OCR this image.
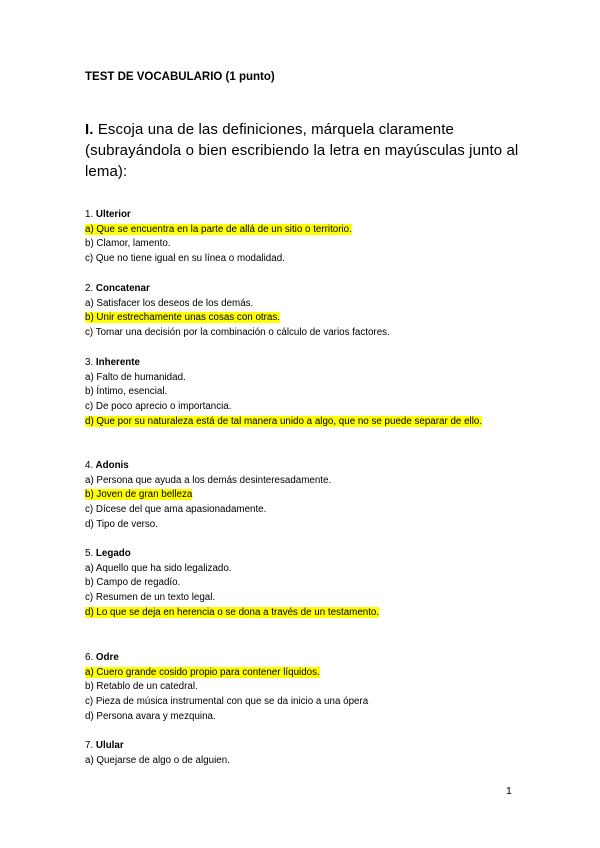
TEST DE VOCABULARIO (1 punto)
I. Escoja una de las definiciones, márquela claramente (subrayándola o bien escribiendo la letra en mayúsculas junto al lema):
1. Ulterior
a) Que se encuentra en la parte de allá de un sitio o territorio.
b) Clamor, lamento.
c) Que no tiene igual en su línea o modalidad.
2. Concatenar
a) Satisfacer los deseos de los demás.
b) Unir estrechamente unas cosas con otras.
c) Tomar una decisión por la combinación o cálculo de varios factores.
3. Inherente
a) Falto de humanidad.
b) Íntimo, esencial.
c) De poco aprecio o importancia.
d) Que por su naturaleza está de tal manera unido a algo, que no se puede separar de ello.
4. Adonis
a) Persona que ayuda a los demás desinteresadamente.
b) Joven de gran belleza
c) Dícese del que ama apasionadamente.
d) Tipo de verso.
5. Legado
a) Aquello que ha sido legalizado.
b) Campo de regadío.
c) Resumen de un texto legal.
d) Lo que se deja en herencia o se dona a través de un testamento.
6. Odre
a) Cuero grande cosido propio para contener líquidos.
b) Retablo de un catedral.
c) Pieza de música instrumental con que se da inicio a una ópera
d) Persona avara y mezquina.
7. Ulular
a) Quejarse de algo o de alguien.
1
